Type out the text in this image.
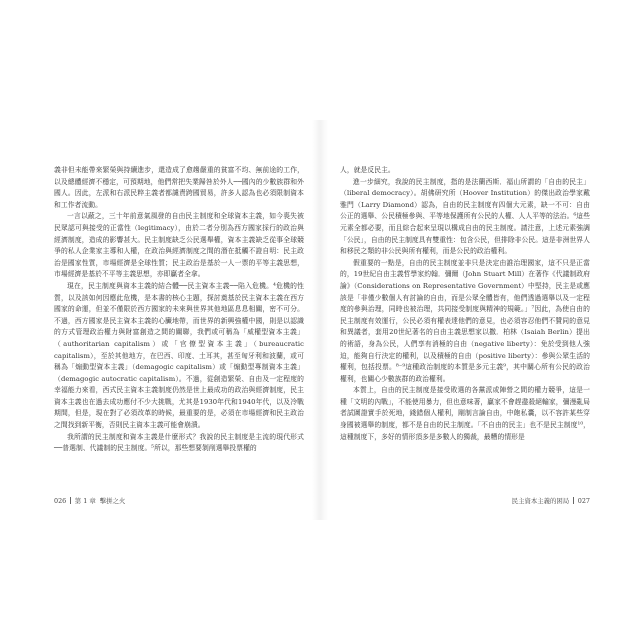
義非但未能帶來繁榮與持續進步，還造成了愈趨嚴重的貧富不均、無前途的工作，以及總體經濟不穩定，可預期地，他們常把失業歸咎於外人──國內的少數族群和外國人。因此，左派和右派民粹主義者都譴責跨國貿易，許多人認為也必須限制資本和工作者流動。

一言以蔽之，三十年前意氣風發的自由民主制度和全球資本主義，如今喪失被民眾認可與接受的正當性（legitimacy），由於二者分別為西方國家採行的政治與經濟制度，造成的影響甚大。民主制度缺乏公民選舉權，資本主義缺乏從事全球競爭的私人企業家主導和人權，在政治與經濟制度之間的潛在抵觸不證自明：民主政治是國家性質，市場經濟是全球性質；民主政治是基於一人一票的平等主義思想，市場經濟是基於不平等主義思想，亦即贏者全拿。

現在，民主制度與資本主義的結合體──民主資本主義──陷入危機。⁴危機的性質，以及該如何因應此危機，是本書的核心主題，探討奠基於民主資本主義在西方國家的命運，但並不僅限於西方國家的未來與世界其他地區息息相關，密不可分。不過，西方國家是民主資本主義的心臟地帶，而世界的新興強權中國，則是以認識的方式管理政治權力與財富創造之間的關聯，我們或可稱為「威權型資本主義」（authoritarian capitalism）或「官僚型資本主義」（bureaucratic capitalism），至於其他地方，在巴西、印度、土耳其，甚至匈牙利和波蘭，或可稱為「煽動型資本主義」（demagogic capitalism）或「煽動型專制資本主義」（demagogic autocratic capitalism）。不過，從創造繁榮、自由及一定程度的幸福能力來看，西式民主資本主義制度仍然是世上最成功的政治與經濟制度，民主資本主義也在過去成功應付不少大挑戰，尤其是1930年代和1940年代，以及冷戰期間，但是，現在對了必須改革的時候，最重要的是，必須在市場經濟和民主政治之間找到新平衡，否則民主資本主義可能會崩潰。

我所謂的民主制度和資本主義是什麼形式？我說的民主制度是主流的現代形式──普選制、代議制的民主制度。⁵所以，那些想要剝削選舉投票權的

026 第 1 章 擊拼之火

人，就是反民主。

進一步細究，我說的民主制度，指的是法蘭西斯．福山所謂的「自由的民主」（liberal democracy）。胡佛研究所（Hoover Institution）的傑出政治學家戴雅門（Larry Diamond）認為，自由的民主制度有四個大元素，缺一不可：自由公正的選舉、公民積極參與、平等地保護所有公民的人權、人人平等的法治。⁶這些元素全都必要，而且綜合起來呈現以構成自由的民主制度。請注意，上述元素強調「公民」，自由的民主制度具有雙重性：包含公民，但排除非公民。這是非洲世界人和移民之類的非公民與所有權利，而是公民的政治權利。

假重要的一點是，自由的民主制度並非只是決定由誰治理國家，這不只是正當的，19世紀自由主義哲學家約翰．彌爾（John Stuart Mill）在著作《代議制政府論》（Considerations on Representative Government）中堅持，民主是或應該是「非僅少數個人有討論的自由，而是公眾全體皆有，他們透過選舉以及一定程度的參與治理，同時也被治理，共同接受制度與精神的規範。」⁷因此，為使自由的民主制度有效運行，公民必須有權表達他們的意見，也必須容忍他們不贊同的意見和異議者，套用20世紀著名的自由主義思想家以撒．柏林（Isaiah Berlin）提出的術語，身為公民，人們享有消極的自由（negative liberty）：免於受到他人強迫，能夠自行決定的權利，以及積極的自由（positive liberty）：參與公眾生活的權利，包括投票。⁸⁻⁹這種政治制度的本質是多元主義⁹，其中關心所有公民的政治權利，也關心少數族群的政治權利。

本質上，自由的民主制度是接受敗選的各黨派或陣營之間的權力競爭，這是一種「文明的內戰」，不能使用暴力，但也意味著，贏家不會趕盡殺絕輸家，彌漫亂局者試圖證實手於死地，錢錯個人權利，剛制言論自由，中飽私囊，以不容許某些穿身國被選舉的制度，都不是自由的民主制度。「不自由的民主」也不是民主制度¹⁰，這種制度下，多好的情形頂多是多數人的獨裁，最糟的情形是

民主資本主義的困局 027
